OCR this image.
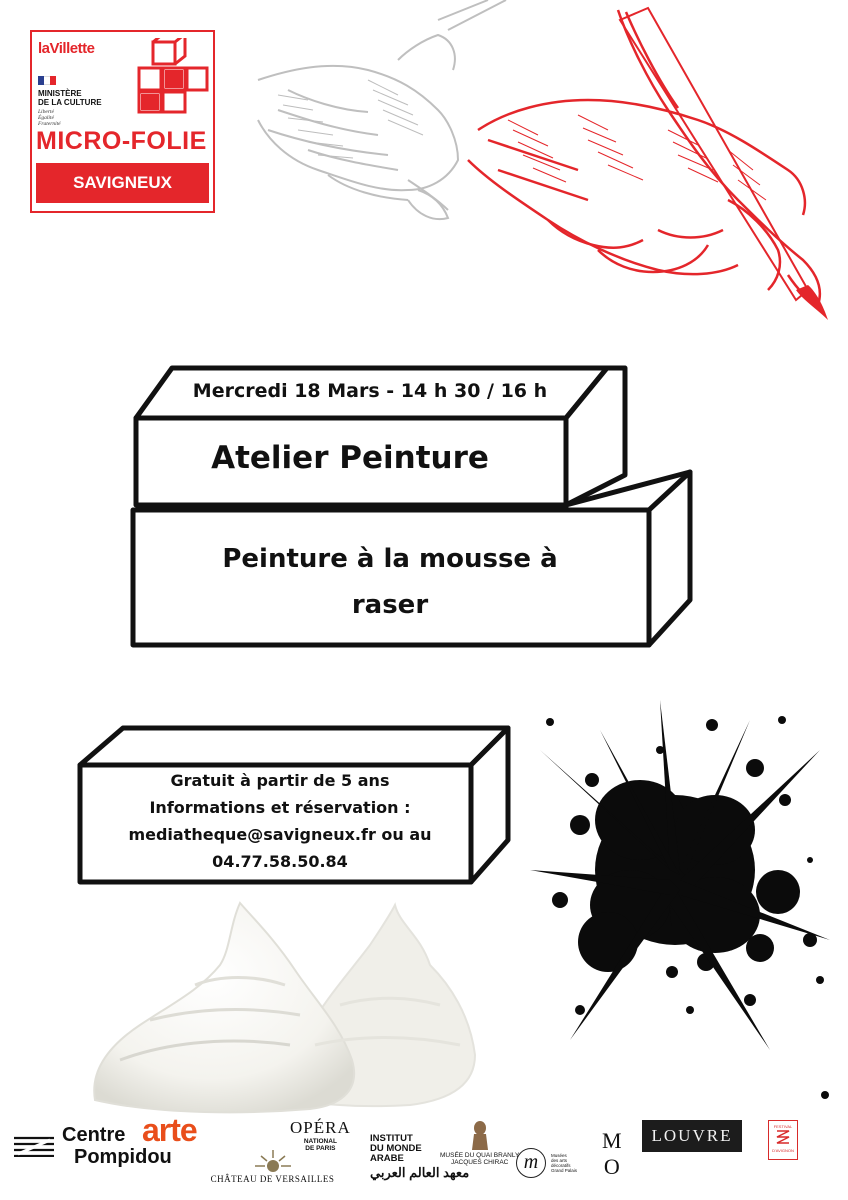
laVillette
MINISTÈRE
DE LA CULTURE
Liberté
Égalité
Fraternité
MICRO-FOLIE
SAVIGNEUX
Mercredi 18 Mars - 14 h 30 / 16 h
Atelier Peinture
Peinture à la mousse à
raser
Gratuit à partir de 5 ans
Informations et réservation :
mediatheque@savigneux.fr ou au
04.77.58.50.84
Centre
Pompidou
arte
CHÂTEAU DE VERSAILLES
OPÉRA
NATIONAL
DE PARIS
INSTITUT
DU MONDE
ARABE
معهد العالم العربي
MUSÉE DU QUAI BRANLY
JACQUES CHIRAC m	Musées
des arts
décoratifs
Grand Palais
M
O
LOUVRE	FESTIVAL
D'AVIGNON
